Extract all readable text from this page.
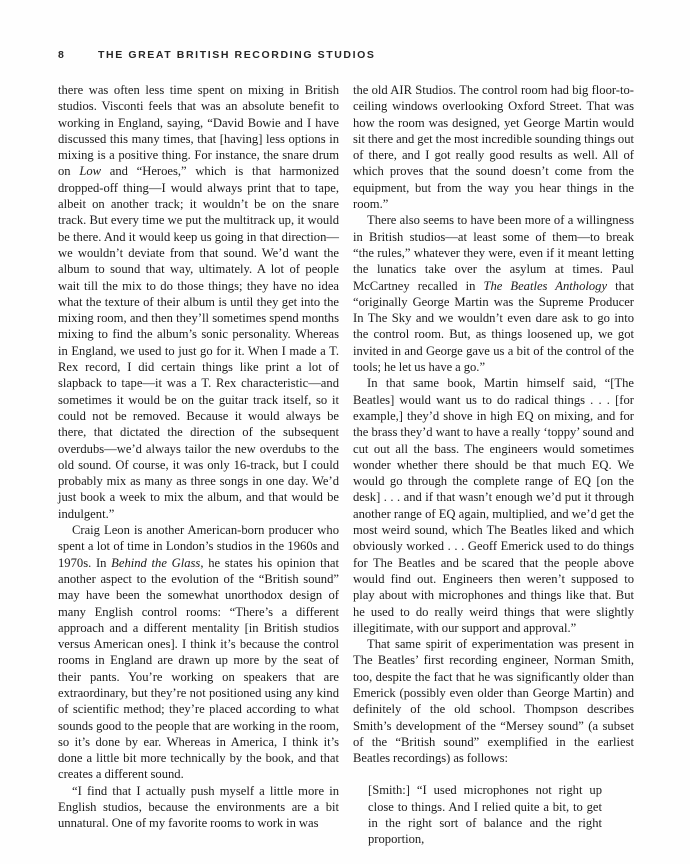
8	THE GREAT BRITISH RECORDING STUDIOS

there was often less time spent on mixing in British studios. Visconti feels that was an absolute benefit to working in England, saying, “David Bowie and I have discussed this many times, that [having] less options in mixing is a positive thing. For instance, the snare drum on Low and “Heroes,” which is that harmonized dropped-off thing—I would always print that to tape, albeit on another track; it wouldn’t be on the snare track. But every time we put the multitrack up, it would be there. And it would keep us going in that direction—we wouldn’t deviate from that sound. We’d want the album to sound that way, ultimately. A lot of people wait till the mix to do those things; they have no idea what the texture of their album is until they get into the mixing room, and then they’ll sometimes spend months mixing to find the album’s sonic personality. Whereas in England, we used to just go for it. When I made a T. Rex record, I did certain things like print a lot of slapback to tape—it was a T. Rex characteristic—and sometimes it would be on the guitar track itself, so it could not be removed. Because it would always be there, that dictated the direction of the subsequent overdubs—we’d always tailor the new overdubs to the old sound. Of course, it was only 16-track, but I could probably mix as many as three songs in one day. We’d just book a week to mix the album, and that would be indulgent.”

Craig Leon is another American-born producer who spent a lot of time in London’s studios in the 1960s and 1970s. In Behind the Glass, he states his opinion that another aspect to the evolution of the “British sound” may have been the somewhat unorthodox design of many English control rooms: “There’s a different approach and a different mentality [in British studios versus American ones]. I think it’s because the control rooms in England are drawn up more by the seat of their pants. You’re working on speakers that are extraordinary, but they’re not positioned using any kind of scientific method; they’re placed according to what sounds good to the people that are working in the room, so it’s done by ear. Whereas in America, I think it’s done a little bit more technically by the book, and that creates a different sound.

“I find that I actually push myself a little more in English studios, because the environments are a bit unnatural. One of my favorite rooms to work in was

the old AIR Studios. The control room had big floor-to-ceiling windows overlooking Oxford Street. That was how the room was designed, yet George Martin would sit there and get the most incredible sounding things out of there, and I got really good results as well. All of which proves that the sound doesn’t come from the equipment, but from the way you hear things in the room.”

There also seems to have been more of a willingness in British studios—at least some of them—to break “the rules,” whatever they were, even if it meant letting the lunatics take over the asylum at times. Paul McCartney recalled in The Beatles Anthology that “originally George Martin was the Supreme Producer In The Sky and we wouldn’t even dare ask to go into the control room. But, as things loosened up, we got invited in and George gave us a bit of the control of the tools; he let us have a go.”

In that same book, Martin himself said, “[The Beatles] would want us to do radical things . . . [for example,] they’d shove in high EQ on mixing, and for the brass they’d want to have a really ‘toppy’ sound and cut out all the bass. The engineers would sometimes wonder whether there should be that much EQ. We would go through the complete range of EQ [on the desk] . . . and if that wasn’t enough we’d put it through another range of EQ again, multiplied, and we’d get the most weird sound, which The Beatles liked and which obviously worked . . . Geoff Emerick used to do things for The Beatles and be scared that the people above would find out. Engineers then weren’t supposed to play about with microphones and things like that. But he used to do really weird things that were slightly illegitimate, with our support and approval.”

That same spirit of experimentation was present in The Beatles’ first recording engineer, Norman Smith, too, despite the fact that he was significantly older than Emerick (possibly even older than George Martin) and definitely of the old school. Thompson describes Smith’s development of the “Mersey sound” (a subset of the “British sound” exemplified in the earliest Beatles recordings) as follows:

[Smith:] “I used microphones not right up close to things. And I relied quite a bit, to get in the right sort of balance and the right proportion,
